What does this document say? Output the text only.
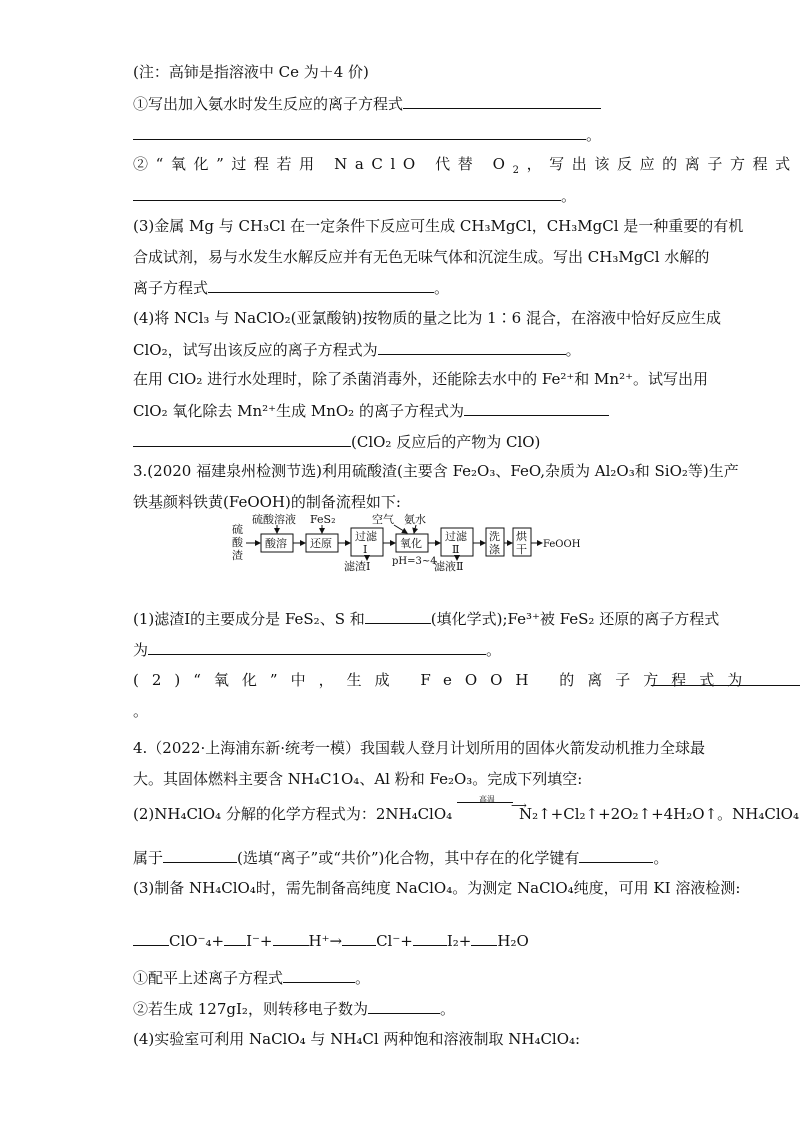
(注：高铈是指溶液中 Ce 为＋4 价)
①写出加入氨水时发生反应的离子方程式
。
②“氧化”过程若用 NaClO 代替 $O_2$，写出该反应的离子方程式
。
(3)金属 Mg 与 CH₃Cl 在一定条件下反应可生成 CH₃MgCl，CH₃MgCl 是一种重要的有机
合成试剂，易与水发生水解反应并有无色无味气体和沉淀生成。写出 CH₃MgCl 水解的
离子方程式	。
(4)将 NCl₃ 与 NaClO₂(亚氯酸钠)按物质的量之比为 1∶6 混合，在溶液中恰好反应生成
ClO₂，试写出该反应的离子方程式为	。
在用 ClO₂ 进行水处理时，除了杀菌消毒外，还能除去水中的 Fe²⁺和 Mn²⁺。试写出用
ClO₂ 氧化除去 Mn²⁺生成 MnO₂ 的离子方程式为
(ClO₂ 反应后的产物为 ClO)
3.(2020 福建泉州检测节选)利用硫酸渣(主要含 Fe₂O₃、FeO,杂质为 Al₂O₃和 SiO₂等)生产
铁基颜料铁黄(FeOOH)的制备流程如下:
硫
酸
渣
酸溶
硫酸溶液
还原
FeS₂
过滤
Ⅰ
滤渣Ⅰ
氧化
空气 氨水
pH=3~4
过滤
Ⅱ
滤液Ⅱ
洗
涤
烘
干 FeOOH
(1)滤渣Ⅰ的主要成分是 FeS₂、S 和	(填化学式);Fe³⁺被 FeS₂ 还原的离子方程式
为	。
(2)“氧化”中，生成 FeOOH 的离子方程式为
。
4.（2022·上海浦东新·统考一模）我国载人登月计划所用的固体火箭发动机推力全球最
大。其固体燃料主要含 NH₄C1O₄、Al 粉和 Fe₂O₃。完成下列填空:
(2)NH₄ClO₄ 分解的化学方程式为：2NH₄ClO₄
高温 ⟶
N₂↑+Cl₂↑+2O₂↑+4H₂O↑。NH₄ClO₄
属于	(选填“离子”或“共价”)化合物，其中存在的化学键有	。
(3)制备 NH₄ClO₄时，需先制备高纯度 NaClO₄。为测定 NaClO₄纯度，可用 KI 溶液检测:
ClO⁻₄+ I⁻+ H⁺→ Cl⁻+ I₂+ H₂O
①配平上述离子方程式	。
②若生成 127gI₂，则转移电子数为	。
(4)实验室可利用 NaClO₄ 与 NH₄Cl 两种饱和溶液制取 NH₄ClO₄:
